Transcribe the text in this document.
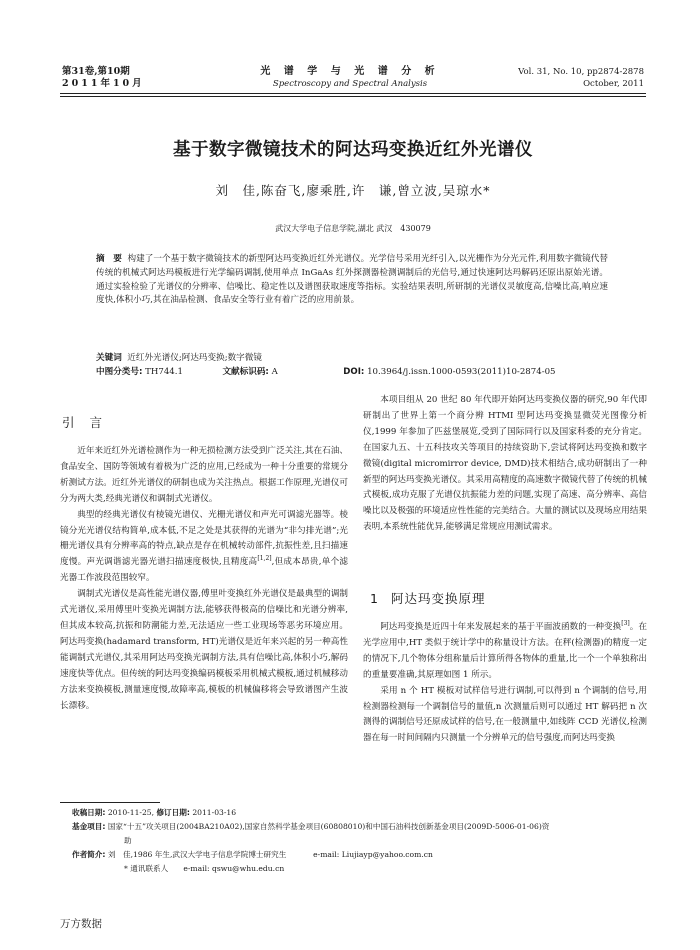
第31卷,第10期
2011年10月
光 谱 学 与 光 谱 分 析
Spectroscopy and Spectral Analysis
Vol. 31, No. 10, pp2874-2878
October, 2011
基于数字微镜技术的阿达玛变换近红外光谱仪
刘　佳,陈奋飞,廖乘胜,许　谦,曾立波,吴琼水*
武汉大学电子信息学院,湖北 武汉　430079
摘　要 构建了一个基于数字微镜技术的新型阿达玛变换近红外光谱仪。光学信号采用光纤引入,以光栅作为分光元件,利用数字微镜代替传统的机械式阿达玛模板进行光学编码调制,使用单点 InGaAs 红外探测器检测调制后的光信号,通过快速阿达玛解码还原出原始光谱。通过实验检验了光谱仪的分辨率、信噪比、稳定性以及谱图获取速度等指标。实验结果表明,所研制的光谱仪灵敏度高,信噪比高,响应速度快,体积小巧,其在油品检测、食品安全等行业有着广泛的应用前景。
关键词 近红外光谱仪;阿达玛变换;数字微镜
中图分类号: TH744.1	文献标识码: A	DOI: 10.3964/j.issn.1000-0593(2011)10-2874-05
引 言

近年来近红外光谱检测作为一种无损检测方法受到广泛关注,其在石油、食品安全、国防等领域有着极为广泛的应用,已经成为一种十分重要的常规分析测试方法。近红外光谱仪的研制也成为关注热点。根据工作原理,光谱仪可分为两大类,经典光谱仪和调制式光谱仪。

典型的经典光谱仪有棱镜光谱仪、光栅光谱仪和声光可调滤光器等。棱镜分光光谱仪结构简单,成本低,不足之处是其获得的光谱为“非匀排光谱”;光栅光谱仪具有分辨率高的特点,缺点是存在机械转动部件,抗振性差,且扫描速度慢。声光调谐滤光器光谱扫描速度极快,且精度高[1,2],但成本昂贵,单个滤光器工作波段范围较窄。

调制式光谱仪是高性能光谱仪器,傅里叶变换红外光谱仪是最典型的调制式光谱仪,采用傅里叶变换光调制方法,能够获得极高的信噪比和光谱分辨率,但其成本较高,抗振和防潮能力差,无法适应一些工业现场等恶劣环境应用。阿达玛变换(hadamard transform, HT)光谱仪是近年来兴起的另一种高性能调制式光谱仪,其采用阿达玛变换光调制方法,具有信噪比高,体积小巧,解码速度快等优点。但传统的阿达玛变换编码模板采用机械式模板,通过机械移动方法来变换模板,测量速度慢,故障率高,模板的机械偏移将会导致谱图产生波长漂移。

本项目组从 20 世纪 80 年代即开始阿达玛变换仪器的研究,90 年代即研制出了世界上第一个商分辨 HTMI 型阿达玛变换显微荧光图像分析仪,1999 年参加了匹兹堡展览,受到了国际同行以及国家科委的充分肯定。在国家九五、十五科技攻关等项目的持续资助下,尝试将阿达玛变换和数字微镜(digital micromirror device, DMD)技术相结合,成功研制出了一种新型的阿达玛变换光谱仪。其采用高精度的高速数字微镜代替了传统的机械式模板,成功克服了光谱仪抗振能力差的问题,实现了高速、高分辨率、高信噪比以及极强的环境适应性性能的完美结合。大量的测试以及现场应用结果表明,本系统性能优异,能够满足常规应用测试需求。

1 阿达玛变换原理

阿达玛变换是近四十年来发展起来的基于平面波函数的一种变换[3]。在光学应用中,HT 类似于统计学中的称量设计方法。在秤(检测器)的精度一定的情况下,几个物体分组称量后计算所得各物体的重量,比一个一个单独称出的重量要准确,其原理如图 1 所示。

采用 n 个 HT 模板对试样信号进行调制,可以得到 n 个调制的信号,用检测器检测每一个调制信号的量值,n 次测量后则可以通过 HT 解码把 n 次测得的调制信号还原成试样的信号,在一般测量中,如线阵 CCD 光谱仪,检测器在每一时间间隔内只测量一个分辨单元的信号强度,而阿达玛变换

收稿日期: 2010-11-25, 修订日期: 2011-03-16
基金项目: 国家“十五”攻关项目(2004BA210A02),国家自然科学基金项目(60808010)和中国石油科技创新基金项目(2009D-5006-01-06)资
助
作者简介: 刘　佳,1986 年生,武汉大学电子信息学院博士研究生	e-mail: Liujiayp@yahoo.com.cn
* 通讯联系人　　e-mail: qswu@whu.edu.cn
万方数据
